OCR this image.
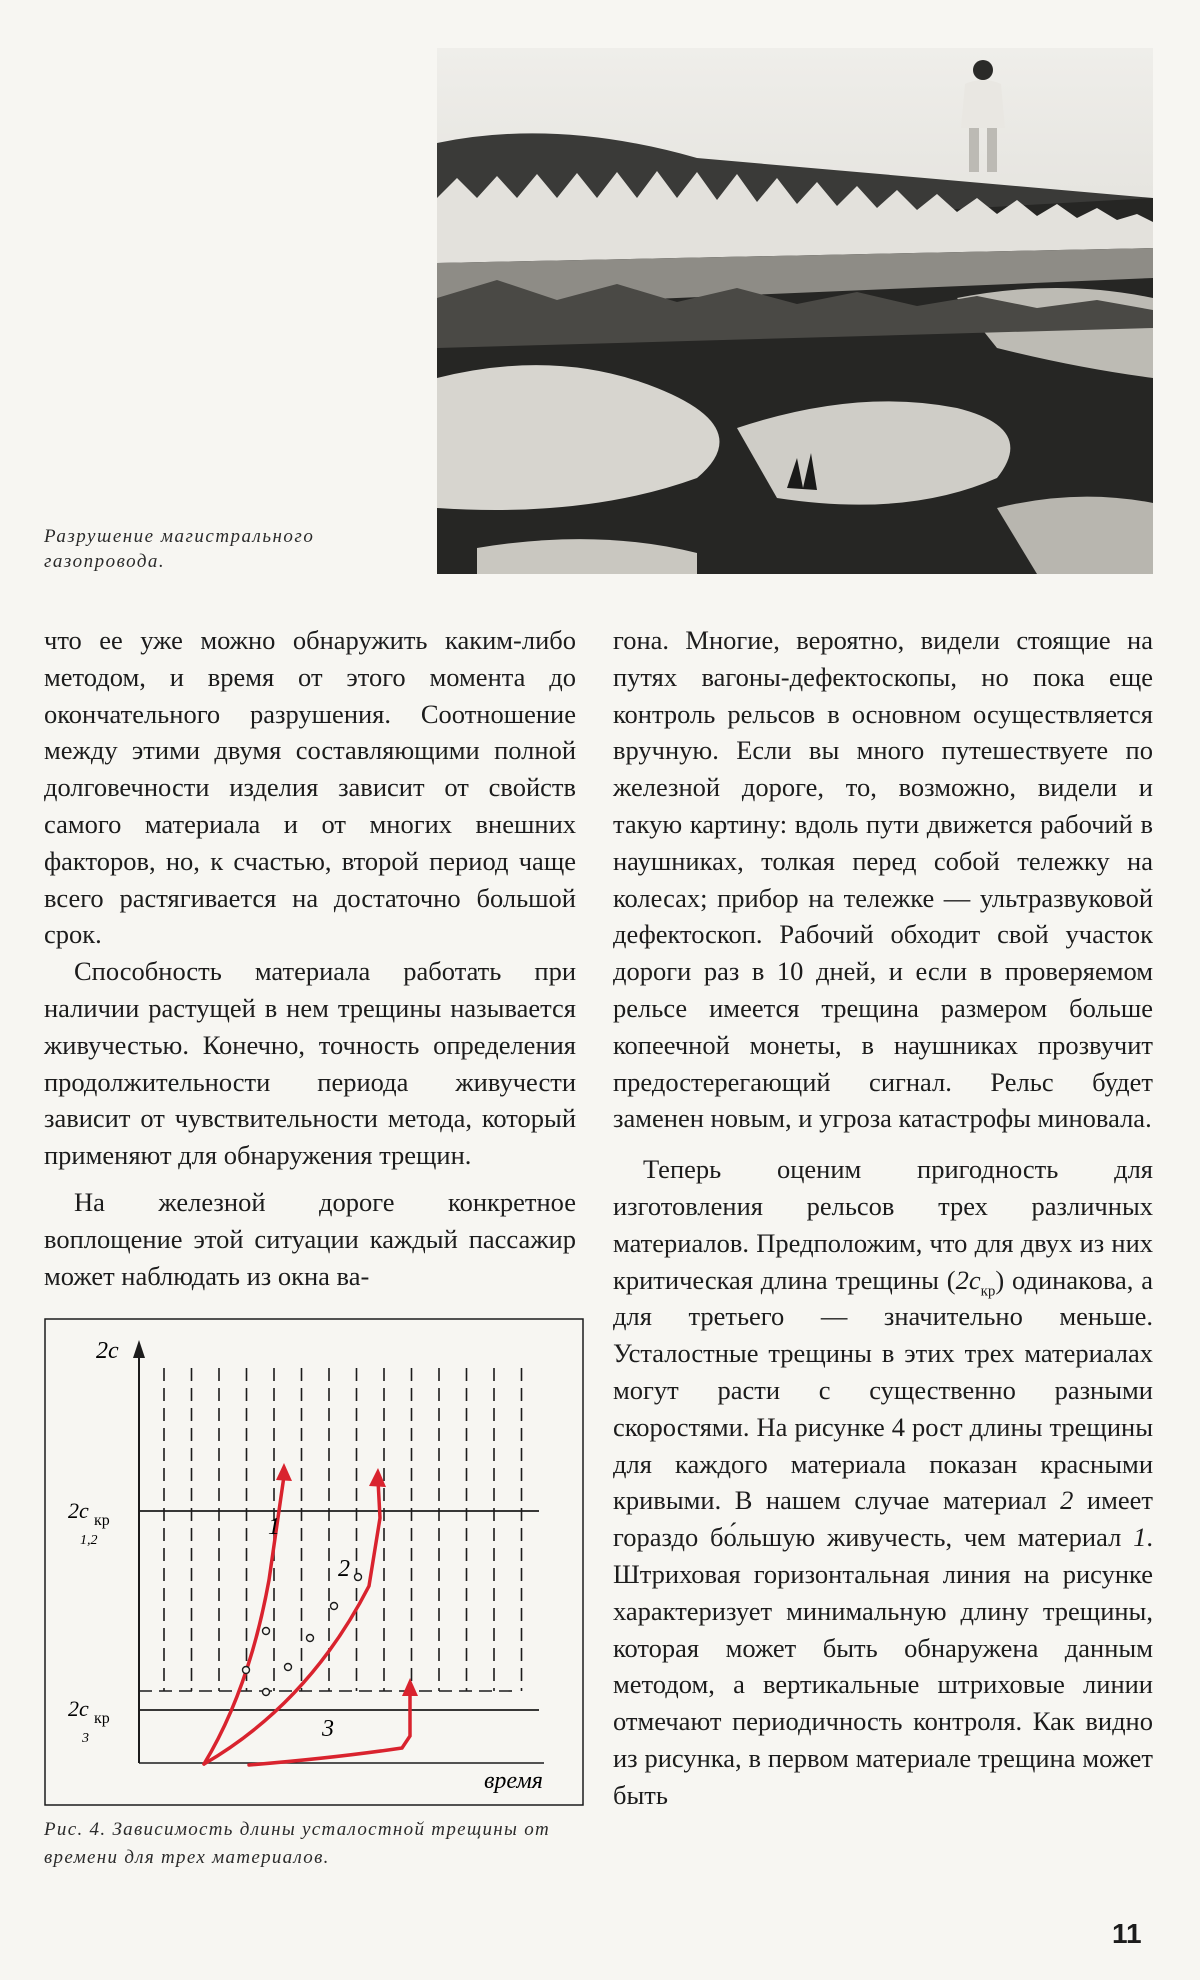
Разрушение магистрального газопровода.

что ее уже можно обнаружить каким-либо методом, и время от этого момента до окончательного разрушения. Соотношение между этими двумя составляющими полной долговечности изделия зависит от свойств самого материала и от многих внешних факторов, но, к счастью, второй период чаще всего растягивается на достаточно большой срок.

Способность материала работать при наличии растущей в нем трещины называется живучестью. Конечно, точность определения продолжительности периода живучести зависит от чувствительности метода, который применяют для обнаружения трещин.

На железной дороге конкретное воплощение этой ситуации каждый пассажир может наблюдать из окна ва-

гона. Многие, вероятно, видели стоящие на путях вагоны-дефектоскопы, но пока еще контроль рельсов в основном осуществляется вручную. Если вы много путешествуете по железной дороге, то, возможно, видели и такую картину: вдоль пути движется рабочий в наушниках, толкая перед собой тележку на колесах; прибор на тележке — ультразвуковой дефектоскоп. Рабочий обходит свой участок дороги раз в 10 дней, и если в проверяемом рельсе имеется трещина размером больше копеечной монеты, в наушниках прозвучит предостерегающий сигнал. Рельс будет заменен новым, и угроза катастрофы миновала.

Теперь оценим пригодность для изготовления рельсов трех различных материалов. Предположим, что для двух из них критическая длина трещины $(2c_{кр})$ одинакова, а для третьего — значительно меньше. Усталостные трещины в этих трех материалах могут расти с существенно разными скоростями. На рисунке 4 рост длины трещины для каждого материала показан красными кривыми. В нашем случае материал 2 имеет гораздо бо́льшую живучесть, чем материал 1. Штриховая горизонтальная линия на рисунке характеризует минимальную длину трещины, которая может быть обнаружена данным методом, а вертикальные штриховые линии отмечают периодичность контроля. Как видно из рисунка, в первом материале трещина может быть

2c
время
2c кр
1,2
2c кр
3
1
2
3
Рис. 4. Зависимость длины усталостной трещины от времени для трех материалов.
11
